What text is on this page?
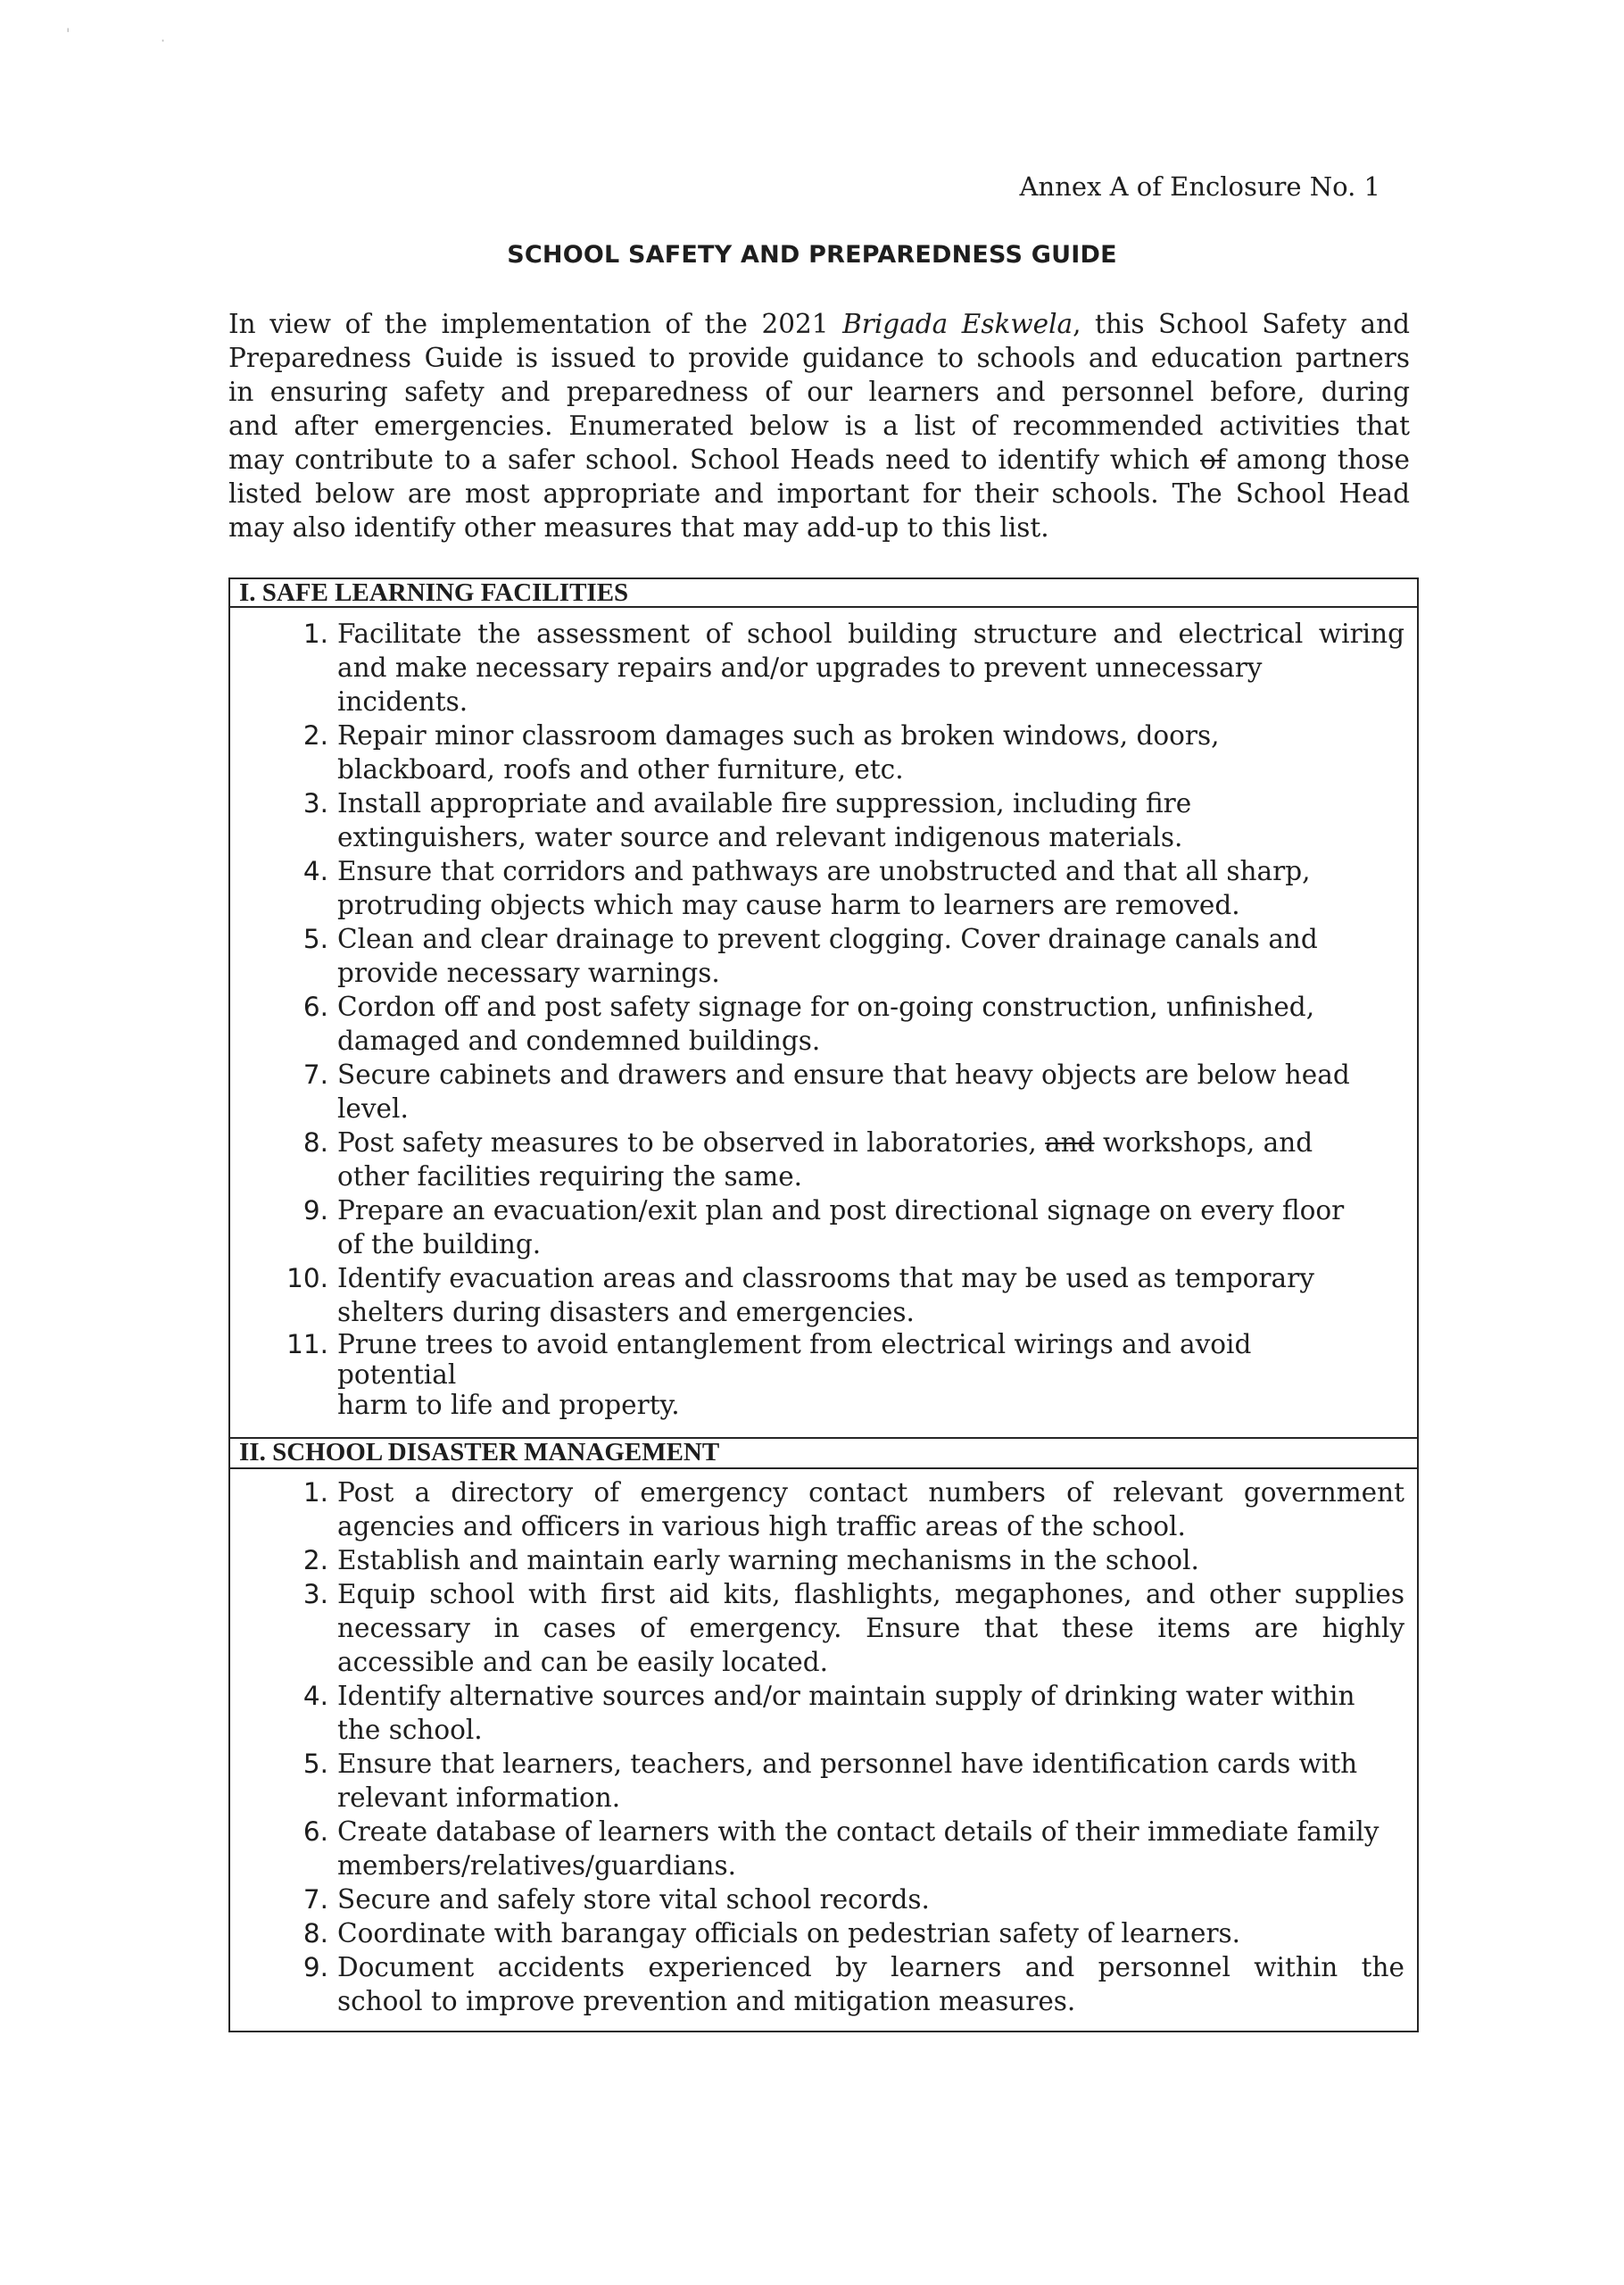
'	·
Annex A of Enclosure No. 1
SCHOOL SAFETY AND PREPAREDNESS GUIDE
In view of the implementation of the 2021 Brigada Eskwela, this School Safety and
Preparedness Guide is issued to provide guidance to schools and education partners
in ensuring safety and preparedness of our learners and personnel before, during
and after emergencies. Enumerated below is a list of recommended activities that
may contribute to a safer school. School Heads need to identify which of among those
listed below are most appropriate and important for their schools. The School Head
may also identify other measures that may add-up to this list.
I. SAFE LEARNING FACILITIES
1. Facilitate the assessment of school building structure and electrical wiring
and make necessary repairs and/or upgrades to prevent unnecessary
incidents.
2. Repair minor classroom damages such as broken windows, doors,
blackboard, roofs and other furniture, etc.
3. Install appropriate and available fire suppression, including fire
extinguishers, water source and relevant indigenous materials.
4. Ensure that corridors and pathways are unobstructed and that all sharp,
protruding objects which may cause harm to learners are removed.
5. Clean and clear drainage to prevent clogging. Cover drainage canals and
provide necessary warnings.
6. Cordon off and post safety signage for on-going construction, unfinished,
damaged and condemned buildings.
7. Secure cabinets and drawers and ensure that heavy objects are below head
level.
8. Post safety measures to be observed in laboratories, and workshops, and
other facilities requiring the same.
9. Prepare an evacuation/exit plan and post directional signage on every floor
of the building.
10. Identify evacuation areas and classrooms that may be used as temporary
shelters during disasters and emergencies.
11. Prune trees to avoid entanglement from electrical wirings and avoid
potential
harm to life and property.
II. SCHOOL DISASTER MANAGEMENT
1. Post a directory of emergency contact numbers of relevant government
agencies and officers in various high traffic areas of the school.
2. Establish and maintain early warning mechanisms in the school.
3. Equip school with first aid kits, flashlights, megaphones, and other supplies
necessary in cases of emergency. Ensure that these items are highly
accessible and can be easily located.
4. Identify alternative sources and/or maintain supply of drinking water within
the school.
5. Ensure that learners, teachers, and personnel have identification cards with
relevant information.
6. Create database of learners with the contact details of their immediate family
members/relatives/guardians.
7. Secure and safely store vital school records.
8. Coordinate with barangay officials on pedestrian safety of learners.
9. Document accidents experienced by learners and personnel within the
school to improve prevention and mitigation measures.
